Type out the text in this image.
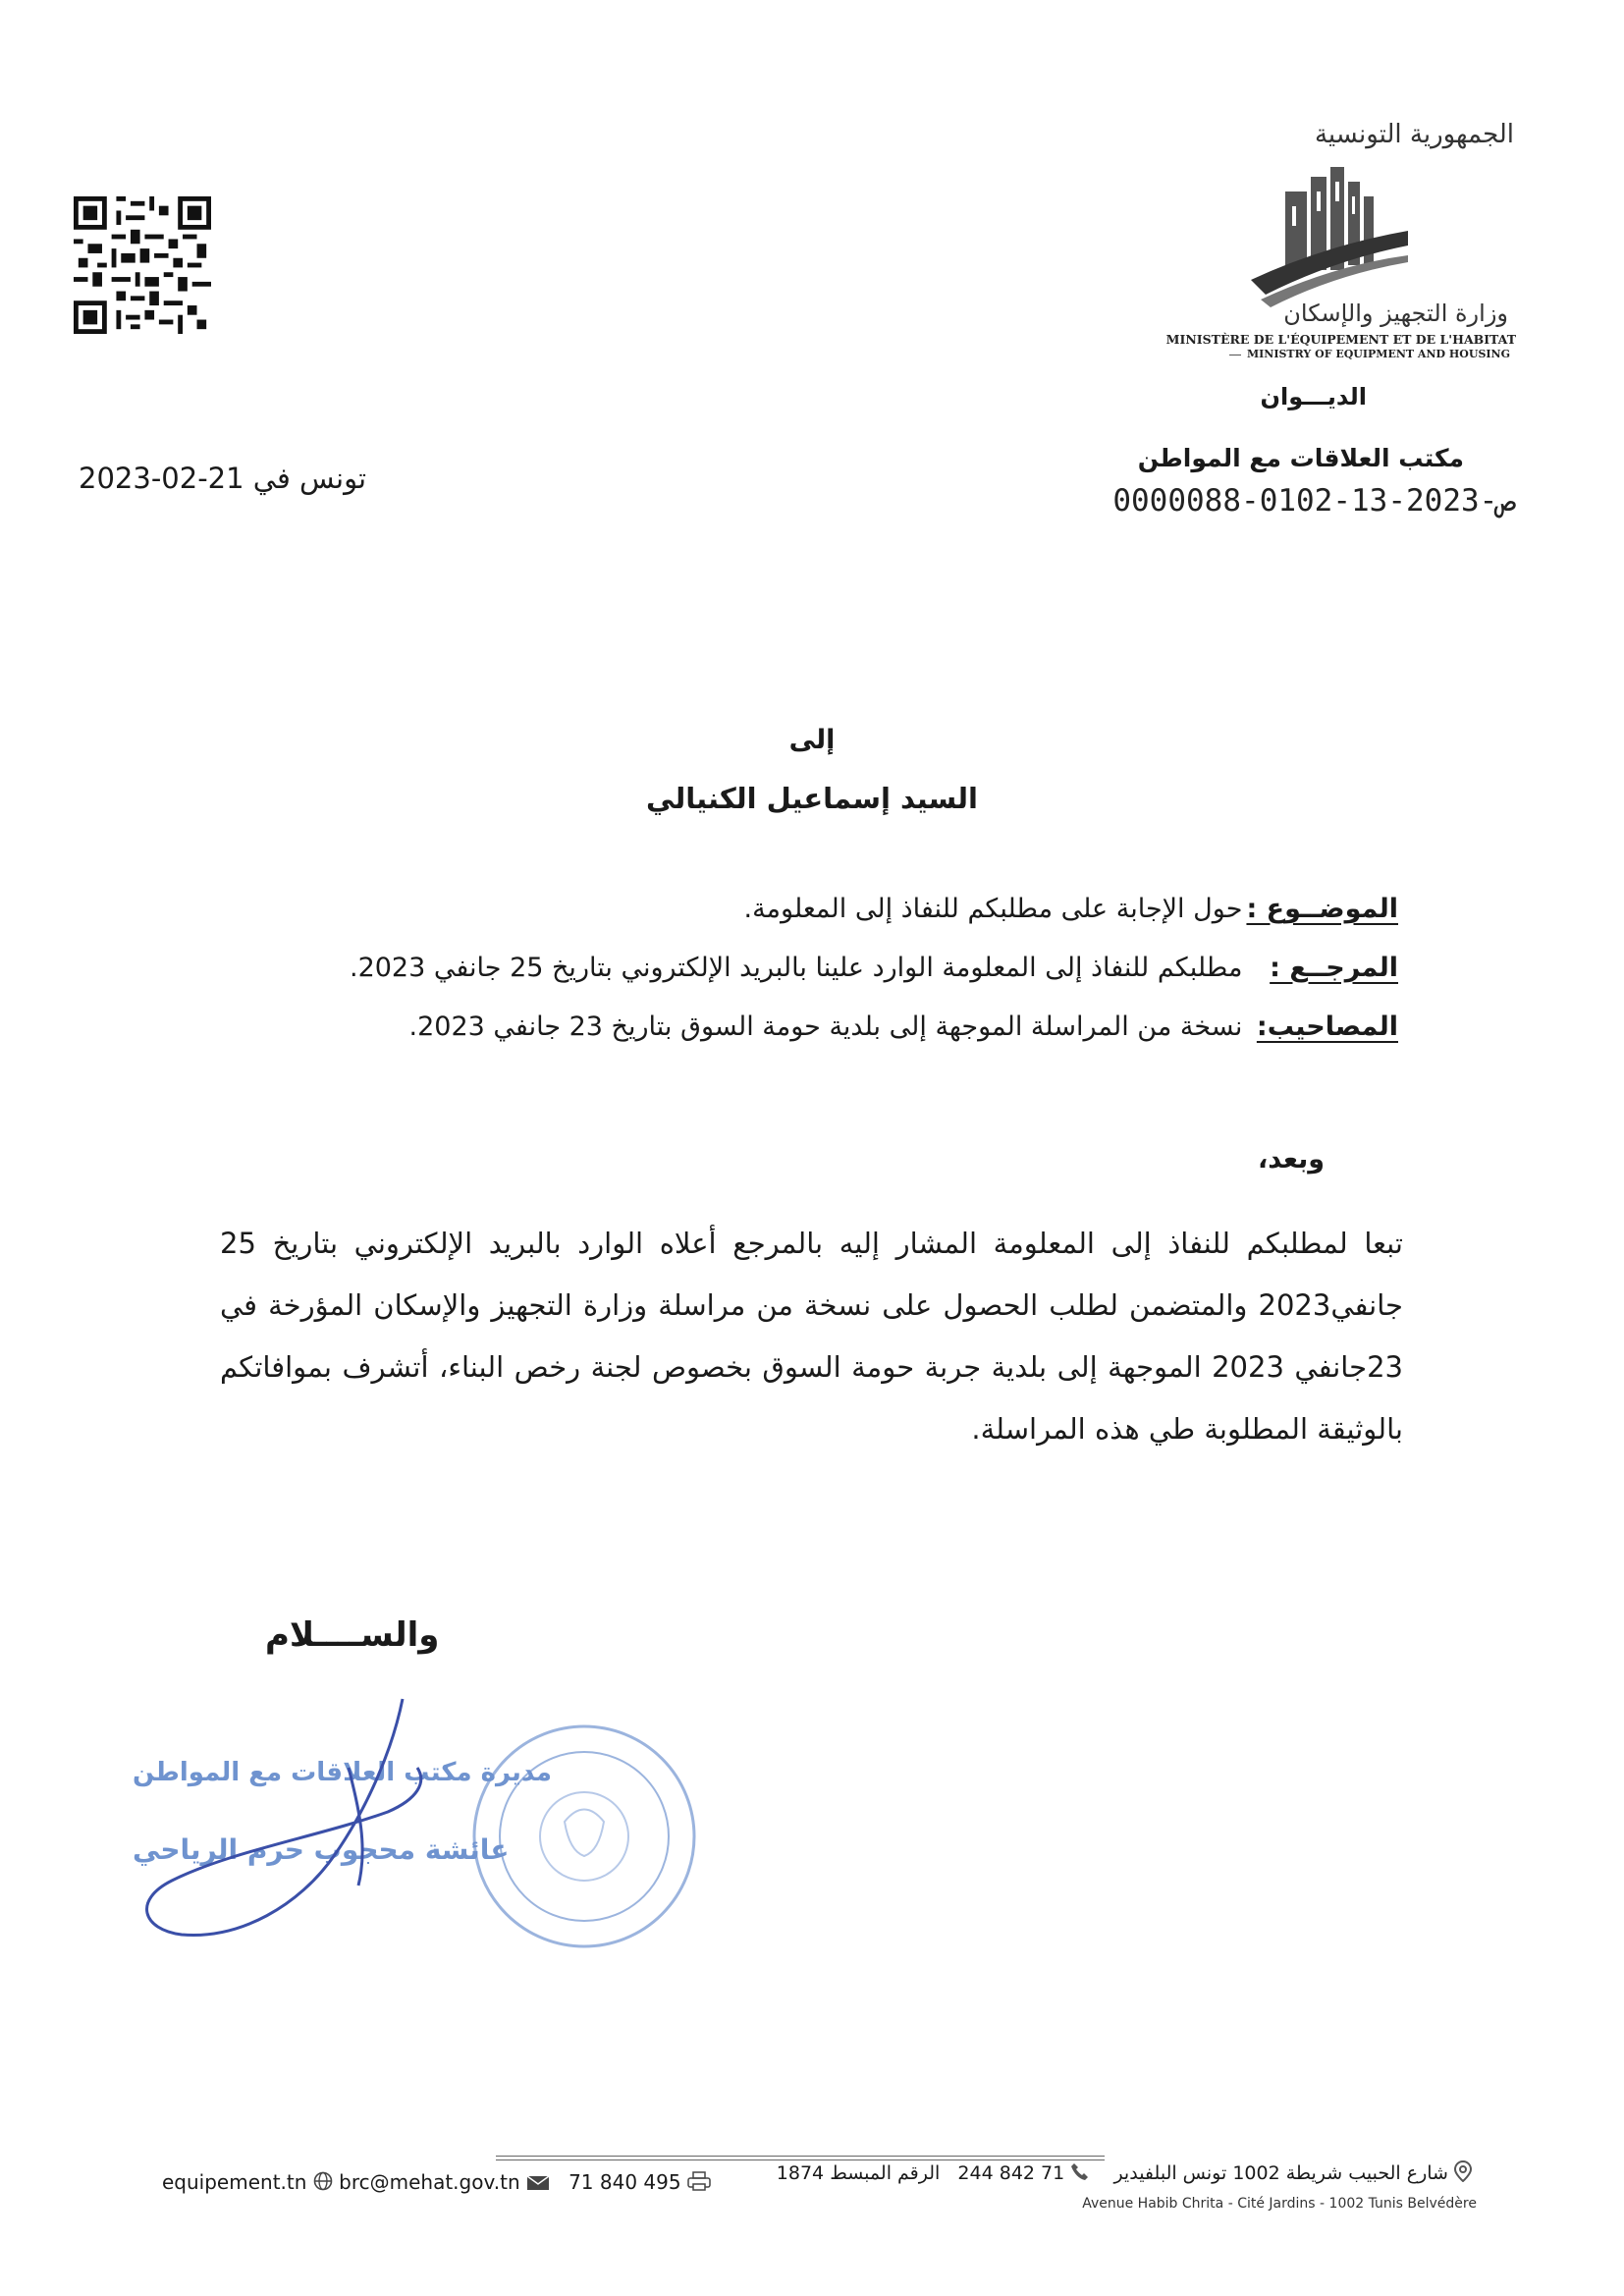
الجمهورية التونسية
وزارة التجهيز والإسكان
MINISTÈRE DE L'ÉQUIPEMENT ET DE L'HABITAT
MINISTRY OF EQUIPMENT AND HOUSING
الديـــوان
مكتب العلاقات مع المواطن
ص-2023-13-0102-0000088
تونس في 21-02-2023
إلى
السيد إسماعيل الكنيالي
الموضــوع : حول الإجابة على مطلبكم للنفاذ إلى المعلومة.
المرجــع : مطلبكم للنفاذ إلى المعلومة الوارد علينا بالبريد الإلكتروني بتاريخ 25 جانفي 2023.
المصاحيب: نسخة من المراسلة الموجهة إلى بلدية حومة السوق بتاريخ 23 جانفي 2023.
وبعد،
تبعا لمطلبكم للنفاذ إلى المعلومة المشار إليه بالمرجع أعلاه الوارد بالبريد الإلكتروني بتاريخ 25 جانفي2023 والمتضمن لطلب الحصول على نسخة من مراسلة وزارة التجهيز والإسكان المؤرخة في 23جانفي 2023 الموجهة إلى بلدية جربة حومة السوق بخصوص لجنة رخص البناء، أتشرف بموافاتكم بالوثيقة المطلوبة طي هذه المراسلة.
والســــلام
مديرة مكتب العلاقات مع المواطن
عائشة محجوب حرم الرياحي
شارع الحبيب شريطة 1002 تونس البلفيدير     71 842 244   الرقم المبسط 1874
Avenue Habib Chrita - Cité Jardins - 1002 Tunis Belvédère
equipement.tn brc@mehat.gov.tn 71 840 495
